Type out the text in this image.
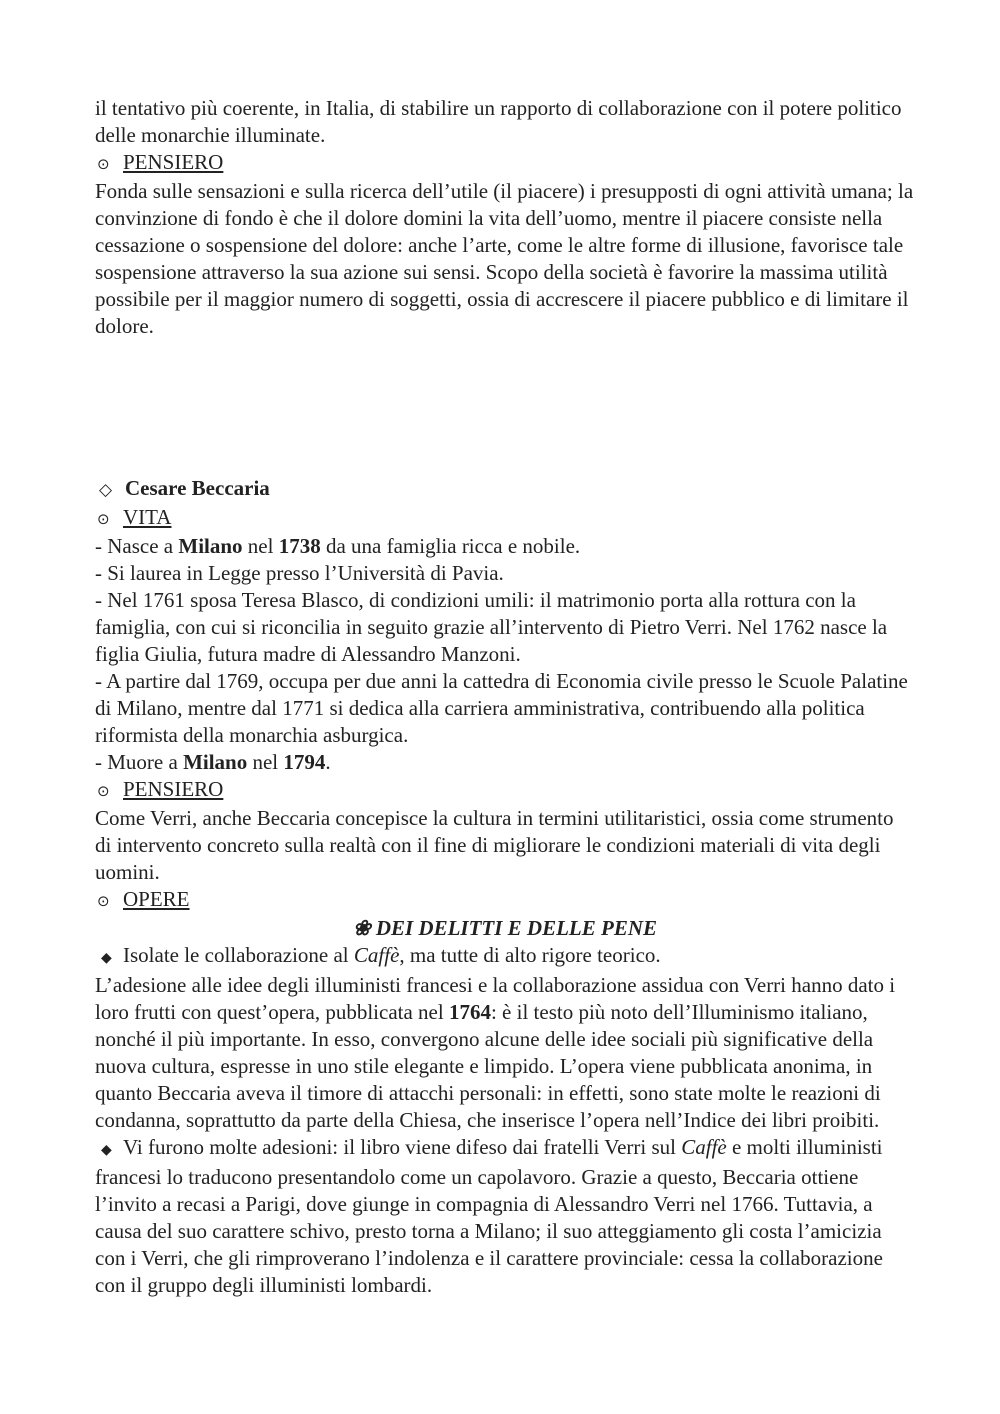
il tentativo più coerente, in Italia, di stabilire un rapporto di collaborazione con il potere politico delle monarchie illuminate.

⊙ PENSIERO

Fonda sulle sensazioni e sulla ricerca dell’utile (il piacere) i presupposti di ogni attività umana; la convinzione di fondo è che il dolore domini la vita dell’uomo, mentre il piacere consiste nella cessazione o sospensione del dolore: anche l’arte, come le altre forme di illusione, favorisce tale sospensione attraverso la sua azione sui sensi. Scopo della società è favorire la massima utilità possibile per il maggior numero di soggetti, ossia di accrescere il piacere pubblico e di limitare il dolore.

◇ Cesare Beccaria
⊙ VITA

- Nasce a Milano nel 1738 da una famiglia ricca e nobile.

- Si laurea in Legge presso l’Università di Pavia.

- Nel 1761 sposa Teresa Blasco, di condizioni umili: il matrimonio porta alla rottura con la famiglia, con cui si riconcilia in seguito grazie all’intervento di Pietro Verri. Nel 1762 nasce la figlia Giulia, futura madre di Alessandro Manzoni.

- A partire dal 1769, occupa per due anni la cattedra di Economia civile presso le Scuole Palatine di Milano, mentre dal 1771 si dedica alla carriera amministrativa, contribuendo alla politica riformista della monarchia asburgica.

- Muore a Milano nel 1794.

⊙ PENSIERO

Come Verri, anche Beccaria concepisce la cultura in termini utilitaristici, ossia come strumento di intervento concreto sulla realtà con il fine di migliorare le condizioni materiali di vita degli uomini.

⊙ OPERE

❀ DEI DELITTI E DELLE PENE

◆ Isolate le collaborazione al Caffè, ma tutte di alto rigore teorico.

L’adesione alle idee degli illuministi francesi e la collaborazione assidua con Verri hanno dato i loro frutti con quest’opera, pubblicata nel 1764: è il testo più noto dell’Illuminismo italiano, nonché il più importante. In esso, convergono alcune delle idee sociali più significative della nuova cultura, espresse in uno stile elegante e limpido. L’opera viene pubblicata anonima, in quanto Beccaria aveva il timore di attacchi personali: in effetti, sono state molte le reazioni di condanna, soprattutto da parte della Chiesa, che inserisce l’opera nell’Indice dei libri proibiti.

◆ Vi furono molte adesioni: il libro viene difeso dai fratelli Verri sul Caffè e molti illuministi francesi lo traducono presentandolo come un capolavoro. Grazie a questo, Beccaria ottiene l’invito a recasi a Parigi, dove giunge in compagnia di Alessandro Verri nel 1766. Tuttavia, a causa del suo carattere schivo, presto torna a Milano; il suo atteggiamento gli costa l’amicizia con i Verri, che gli rimproverano l’indolenza e il carattere provinciale: cessa la collaborazione con il gruppo degli illuministi lombardi.
